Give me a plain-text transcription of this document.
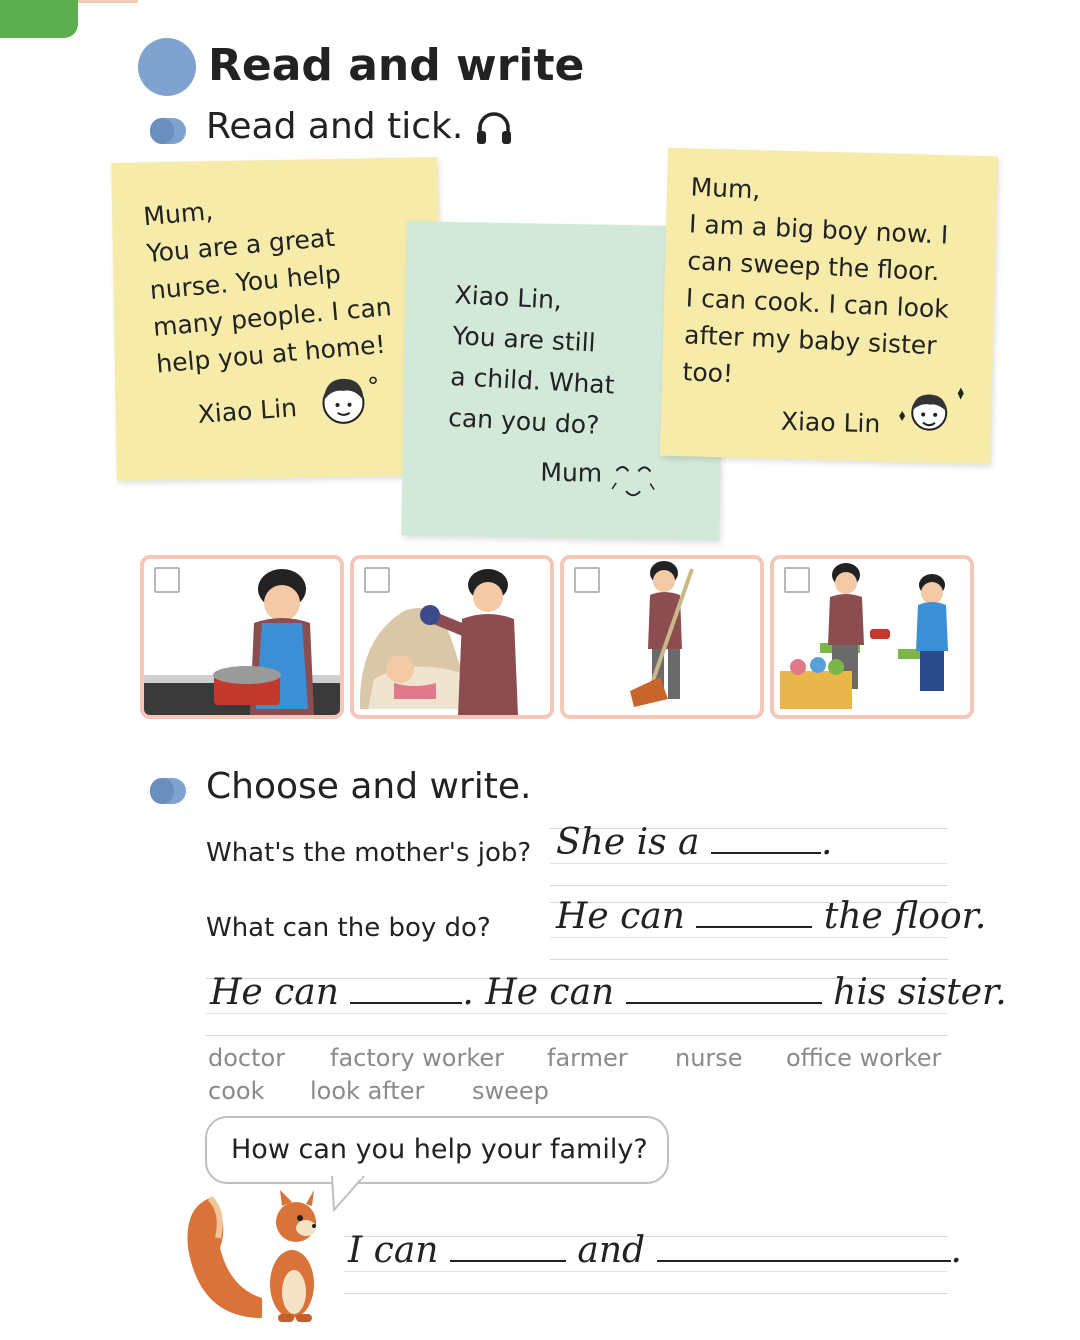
Read and write
Read and tick.
Mum,
You are a great
nurse. You help
many people. I can
help you at home!
Xiao Lin
Xiao Lin,
You are still
a child. What
can you do?
Mum
Mum,
I am a big boy now. I
can sweep the floor.
I can cook. I can look
after my baby sister
too!
Xiao Lin
Choose and write.
What's the mother's job? She is a	.
What can the boy do? He can	the floor.
He can	. He can	his sister.
doctor factory worker farmer nurse office worker
cook look after sweep
How can you help your family?
I can	and	.
